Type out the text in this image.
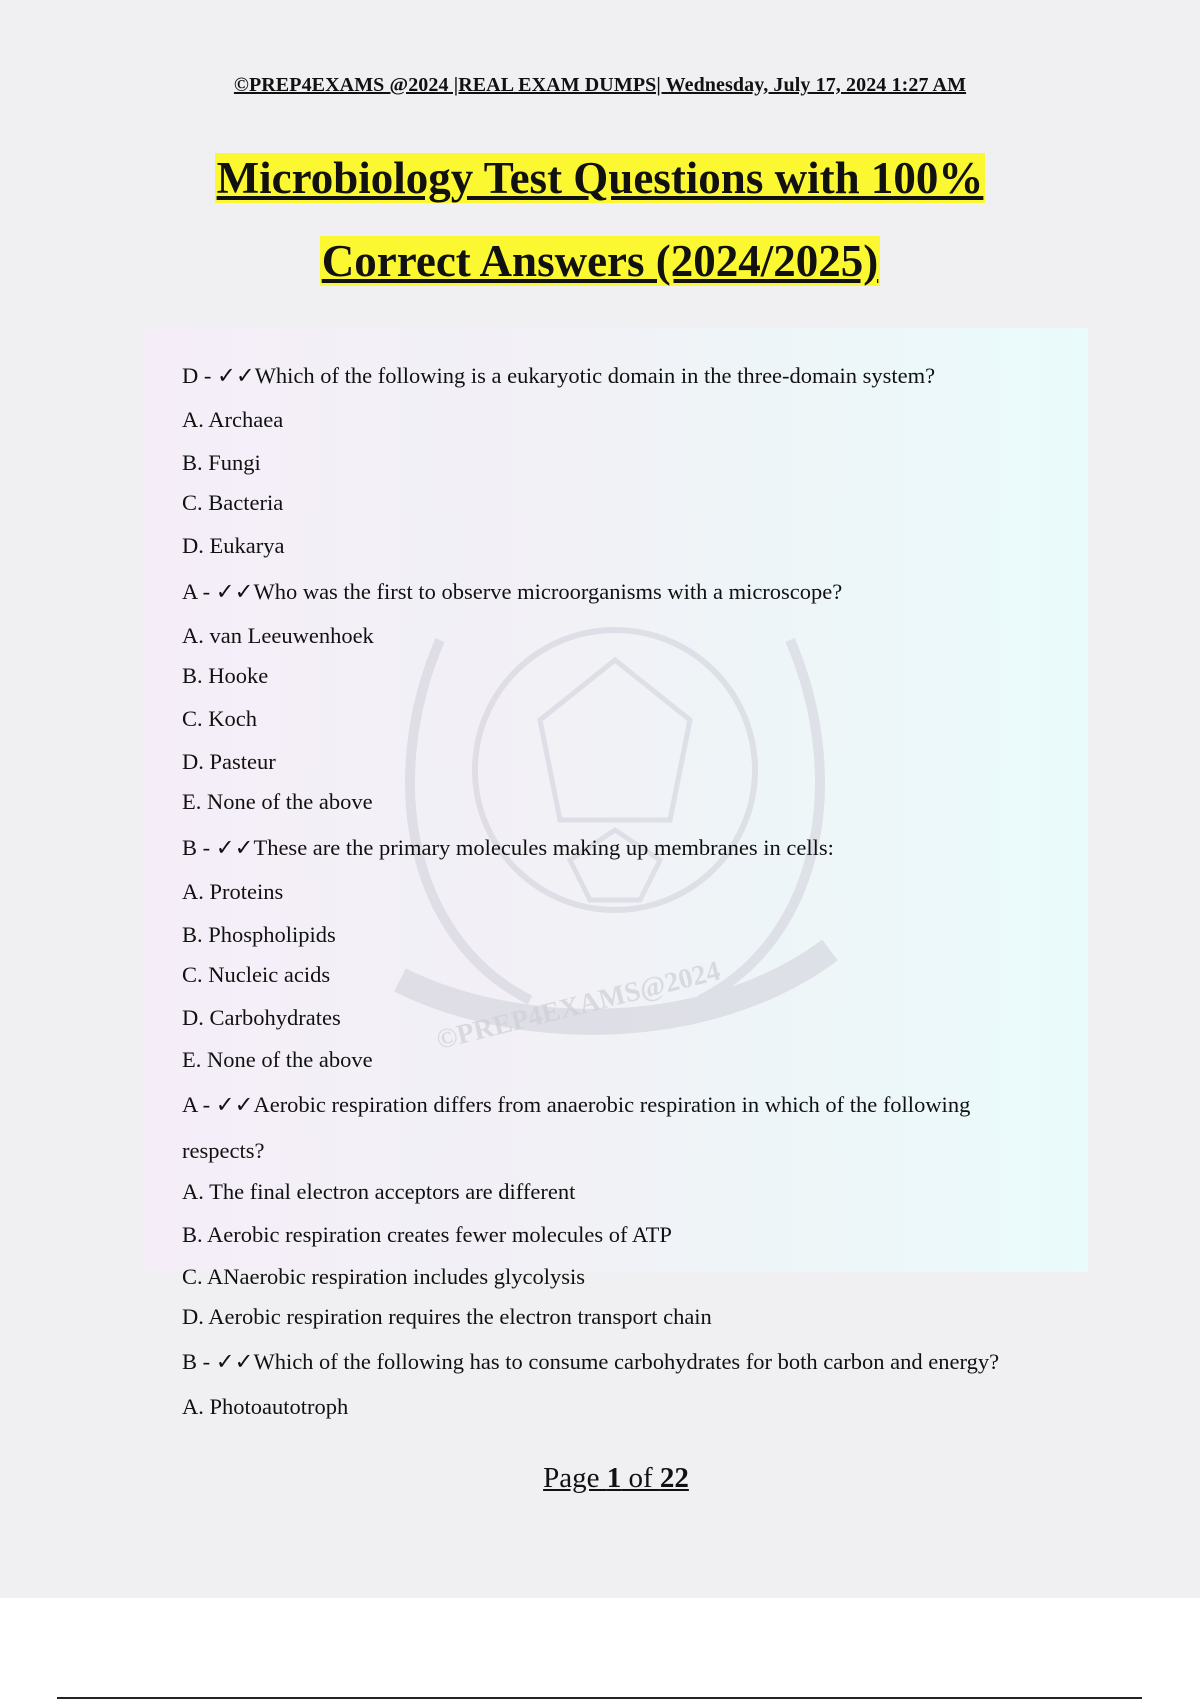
©PREP4EXAMS @2024 |REAL EXAM DUMPS| Wednesday, July 17, 2024 1:27 AM
Microbiology Test Questions with 100%
Correct Answers (2024/2025)
©PREP4EXAMS@2024
D - ✓✓Which of the following is a eukaryotic domain in the three-domain system?
A. Archaea
B. Fungi
C. Bacteria
D. Eukarya
A - ✓✓Who was the first to observe microorganisms with a microscope?
A. van Leeuwenhoek
B. Hooke
C. Koch
D. Pasteur
E. None of the above
B - ✓✓These are the primary molecules making up membranes in cells:
A. Proteins
B. Phospholipids
C. Nucleic acids
D. Carbohydrates
E. None of the above
A - ✓✓Aerobic respiration differs from anaerobic respiration in which of the following
respects?
A. The final electron acceptors are different
B. Aerobic respiration creates fewer molecules of ATP
C. ANaerobic respiration includes glycolysis
D. Aerobic respiration requires the electron transport chain
B - ✓✓Which of the following has to consume carbohydrates for both carbon and energy?
A. Photoautotroph
Page 1 of 22
